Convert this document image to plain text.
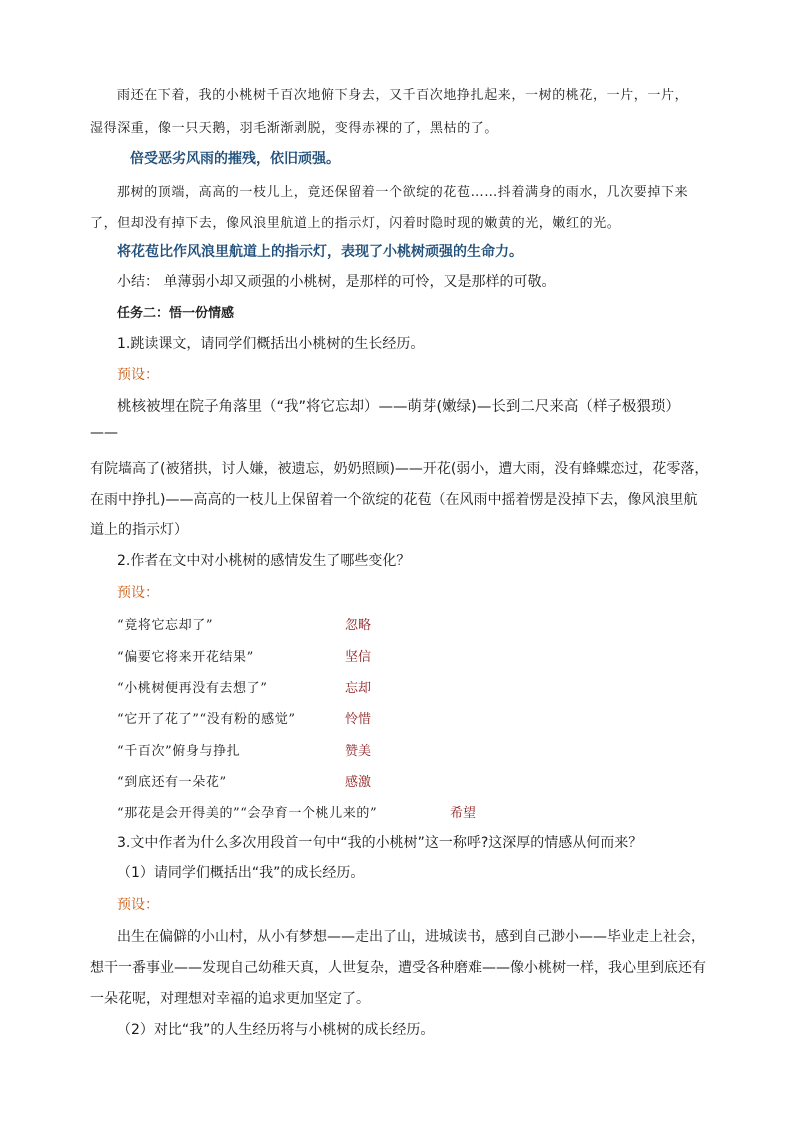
雨还在下着，我的小桃树千百次地俯下身去，又千百次地挣扎起来，一树的桃花，一片，一片，
湿得深重，像一只天鹅，羽毛渐渐剥脱，变得赤裸的了，黑枯的了。
倍受恶劣风雨的摧残，依旧顽强。
那树的顶端，高高的一枝儿上，竟还保留着一个欲绽的花苞……抖着满身的雨水，几次要掉下来
了，但却没有掉下去，像风浪里航道上的指示灯，闪着时隐时现的嫩黄的光，嫩红的光。
将花苞比作风浪里航道上的指示灯，表现了小桃树顽强的生命力。
小结： 单薄弱小却又顽强的小桃树，是那样的可怜，又是那样的可敬。
任务二：悟一份情感
1.跳读课文，请同学们概括出小桃树的生长经历。
预设：
桃核被埋在院子角落里（“我”将它忘却）——萌芽(嫩绿)—长到二尺来高（样子极猥琐）
——
有院墙高了(被猪拱，讨人嫌，被遗忘，奶奶照顾)——开花(弱小，遭大雨，没有蜂蝶恋过，花零落，
在雨中挣扎)——高高的一枝儿上保留着一个欲绽的花苞（在风雨中摇着愣是没掉下去，像风浪里航
道上的指示灯）
2.作者在文中对小桃树的感情发生了哪些变化？
预设：
“竟将它忘却了”	忽略
“偏要它将来开花结果”	坚信
“小桃树便再没有去想了”	忘却
“它开了花了”“没有粉的感觉”	怜惜
“千百次”俯身与挣扎	赞美
“到底还有一朵花”	感激
“那花是会开得美的”“会孕育一个桃儿来的”	希望
3.文中作者为什么多次用段首一句中“我的小桃树”这一称呼?这深厚的情感从何而来？
（1）请同学们概括出“我”的成长经历。
预设：
出生在偏僻的小山村，从小有梦想——走出了山，进城读书，感到自己渺小——毕业走上社会，
想干一番事业——发现自己幼稚天真，人世复杂，遭受各种磨难——像小桃树一样，我心里到底还有
一朵花呢，对理想对幸福的追求更加坚定了。
（2）对比“我”的人生经历将与小桃树的成长经历。
